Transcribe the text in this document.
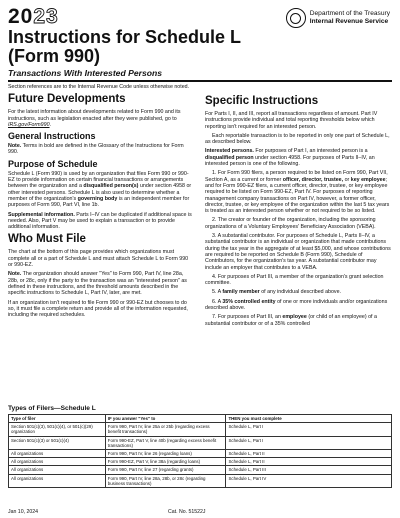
2023	Department of the Treasury
Internal Revenue Service
Instructions for Schedule L
(Form 990)
Transactions With Interested Persons

Section references are to the Internal Revenue Code unless otherwise noted.

Future Developments

For the latest information about developments related to Form 990 and its instructions, such as legislation enacted after they were published, go to IRS.gov/Form990.

General Instructions

Note. Terms in bold are defined in the Glossary of the Instructions for Form 990.

Purpose of Schedule

Schedule L (Form 990) is used by an organization that files Form 990 or 990-EZ to provide information on certain financial transactions or arrangements between the organization and a disqualified person(s) under section 4958 or other interested persons. Schedule L is also used to determine whether a member of the organization's governing body is an independent member for purposes of Form 990, Part VI, line 1b.

Supplemental information. Parts I–IV can be duplicated if additional space is needed. Also, Part V may be used to explain a transaction or to provide additional information.

Who Must File

The chart at the bottom of this page provides which organizations must complete all or a part of Schedule L and must attach Schedule L to Form 990 or 990-EZ.

Note. The organization should answer "Yes" to Form 990, Part IV, line 28a, 28b, or 28c, only if the party to the transaction was an "interested person" as defined in these instructions, and the threshold amounts described in the specific instructions to Schedule L, Part IV, later, are met.

If an organization isn't required to file Form 990 or 990-EZ but chooses to do so, it must file a complete return and provide all of the information requested, including the required schedules.

Specific Instructions

For Parts I, II, and III, report all transactions regardless of amount. Part IV instructions provide individual and total reporting thresholds below which reporting isn't required for an interested person.

Each reportable transaction is to be reported in only one part of Schedule L, as described below.

Interested persons. For purposes of Part I, an interested person is a disqualified person under section 4958. For purposes of Parts II–IV, an interested person is one of the following.

1. For Form 990 filers, a person required to be listed on Form 990, Part VII, Section A, as a current or former officer, director, trustee, or key employee; and for Form 990-EZ filers, a current officer, director, trustee, or key employee required to be listed on Form 990-EZ, Part IV. For purposes of reporting management company transactions on Part IV, however, a former officer, director, trustee, or key employee of the organization within the last 5 tax years is treated as an interested person whether or not required to be so listed.

2. The creator or founder of the organization, including the sponsoring organizations of a Voluntary Employees' Beneficiary Association (VEBA).

3. A substantial contributor. For purposes of Schedule L, Parts II–IV, a substantial contributor is an individual or organization that made contributions during the tax year in the aggregate of at least $5,000, and whose contributions are required to be reported on Schedule B (Form 990), Schedule of Contributors, for the organization's tax year. A substantial contributor may include an employer that contributes to a VEBA.

4. For purposes of Part III, a member of the organization's grant selection committee.

5. A family member of any individual described above.

6. A 35% controlled entity of one or more individuals and/or organizations described above.

7. For purposes of Part III, an employee (or child of an employee) of a substantial contributor or of a 35% controlled

Types of Filers—Schedule L
Type of filer	IF you answer "Yes" to	THEN you must complete
Section 501(c)(3), 501(c)(4), or 501(c)(29) organization	Form 990, Part IV, line 25a or 25b (regarding excess benefit transactions)	Schedule L, Part I
Section 501(c)(3) or 501(c)(4)	Form 990-EZ, Part V, line 40b (regarding excess benefit transactions)	Schedule L, Part I
All organizations	Form 990, Part IV, line 26 (regarding loans)	Schedule L, Part II
All organizations	Form 990-EZ, Part V, line 38a (regarding loans)	Schedule L, Part II
All organizations	Form 990, Part IV, line 27 (regarding grants)	Schedule L, Part III
All organizations	Form 990, Part IV, line 28a, 28b, or 28c (regarding business transactions)	Schedule L, Part IV
Jan 10, 2024	Cat. No. 51522J
